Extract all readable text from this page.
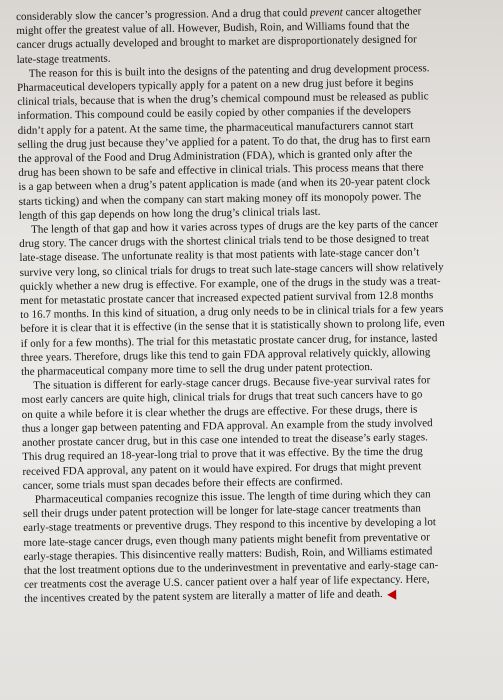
considerably slow the cancer’s progression. And a drug that could prevent cancer altogether
might offer the greatest value of all. However, Budish, Roin, and Williams found that the
cancer drugs actually developed and brought to market are disproportionately designed for
late-stage treatments.
The reason for this is built into the designs of the patenting and drug development process.
Pharmaceutical developers typically apply for a patent on a new drug just before it begins
clinical trials, because that is when the drug’s chemical compound must be released as public
information. This compound could be easily copied by other companies if the developers
didn’t apply for a patent. At the same time, the pharmaceutical manufacturers cannot start
selling the drug just because they’ve applied for a patent. To do that, the drug has to first earn
the approval of the Food and Drug Administration (FDA), which is granted only after the
drug has been shown to be safe and effective in clinical trials. This process means that there
is a gap between when a drug’s patent application is made (and when its 20-year patent clock
starts ticking) and when the company can start making money off its monopoly power. The
length of this gap depends on how long the drug’s clinical trials last.
The length of that gap and how it varies across types of drugs are the key parts of the cancer
drug story. The cancer drugs with the shortest clinical trials tend to be those designed to treat
late-stage disease. The unfortunate reality is that most patients with late-stage cancer don’t
survive very long, so clinical trials for drugs to treat such late-stage cancers will show relatively
quickly whether a new drug is effective. For example, one of the drugs in the study was a treat-
ment for metastatic prostate cancer that increased expected patient survival from 12.8 months
to 16.7 months. In this kind of situation, a drug only needs to be in clinical trials for a few years
before it is clear that it is effective (in the sense that it is statistically shown to prolong life, even
if only for a few months). The trial for this metastatic prostate cancer drug, for instance, lasted
three years. Therefore, drugs like this tend to gain FDA approval relatively quickly, allowing
the pharmaceutical company more time to sell the drug under patent protection.
The situation is different for early-stage cancer drugs. Because five-year survival rates for
most early cancers are quite high, clinical trials for drugs that treat such cancers have to go
on quite a while before it is clear whether the drugs are effective. For these drugs, there is
thus a longer gap between patenting and FDA approval. An example from the study involved
another prostate cancer drug, but in this case one intended to treat the disease’s early stages.
This drug required an 18-year-long trial to prove that it was effective. By the time the drug
received FDA approval, any patent on it would have expired. For drugs that might prevent
cancer, some trials must span decades before their effects are confirmed.
Pharmaceutical companies recognize this issue. The length of time during which they can
sell their drugs under patent protection will be longer for late-stage cancer treatments than
early-stage treatments or preventive drugs. They respond to this incentive by developing a lot
more late-stage cancer drugs, even though many patients might benefit from preventative or
early-stage therapies. This disincentive really matters: Budish, Roin, and Williams estimated
that the lost treatment options due to the underinvestment in preventative and early-stage can-
cer treatments cost the average U.S. cancer patient over a half year of life expectancy. Here,
the incentives created by the patent system are literally a matter of life and death.
